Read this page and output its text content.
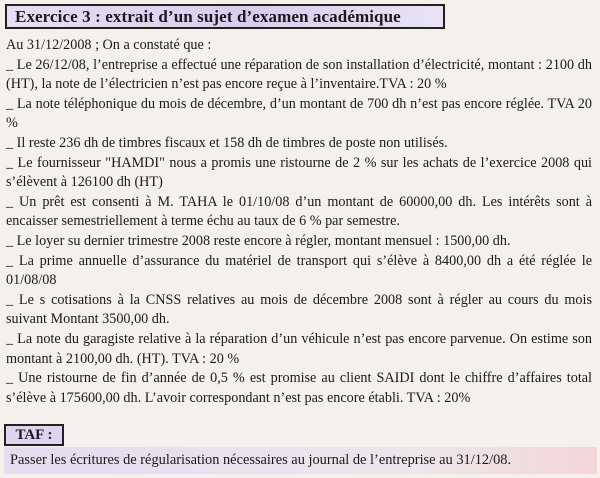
Exercice 3 : extrait d’un sujet d’examen académique
Au 31/12/2008 ; On a constaté que :
_ Le 26/12/08, l’entreprise a effectué une réparation de son installation d’électricité, montant : 2100 dh (HT), la note de l’électricien n’est pas encore reçue à l’inventaire.TVA : 20 %
_ La note téléphonique du mois de décembre, d’un montant de 700 dh n’est pas encore réglée. TVA 20 %
_ Il reste 236 dh de timbres fiscaux et 158 dh de timbres de poste non utilisés.
_ Le fournisseur "HAMDI" nous a promis une ristourne de 2 % sur les achats de l’exercice 2008 qui s’élèvent à 126100 dh (HT)
_ Un prêt est consenti à M. TAHA le 01/10/08 d’un montant de 60000,00 dh. Les intérêts sont à encaisser semestriellement à terme échu au taux de 6 % par semestre.
_ Le loyer su dernier trimestre 2008 reste encore à régler, montant mensuel : 1500,00 dh.
_ La prime annuelle d’assurance du matériel de transport qui s’élève à 8400,00 dh a été réglée le 01/08/08
_ Le s cotisations à la CNSS relatives au mois de décembre 2008 sont à régler au cours du mois suivant Montant 3500,00 dh.
_ La note du garagiste relative à la réparation d’un véhicule n’est pas encore parvenue. On estime son montant à 2100,00 dh. (HT). TVA : 20 %
_ Une ristourne de fin d’année de 0,5 % est promise au client SAIDI dont le chiffre d’affaires total s’élève à 175600,00 dh. L’avoir correspondant n’est pas encore établi. TVA : 20%
TAF :
Passer les écritures de régularisation nécessaires au journal de l’entreprise au 31/12/08.
